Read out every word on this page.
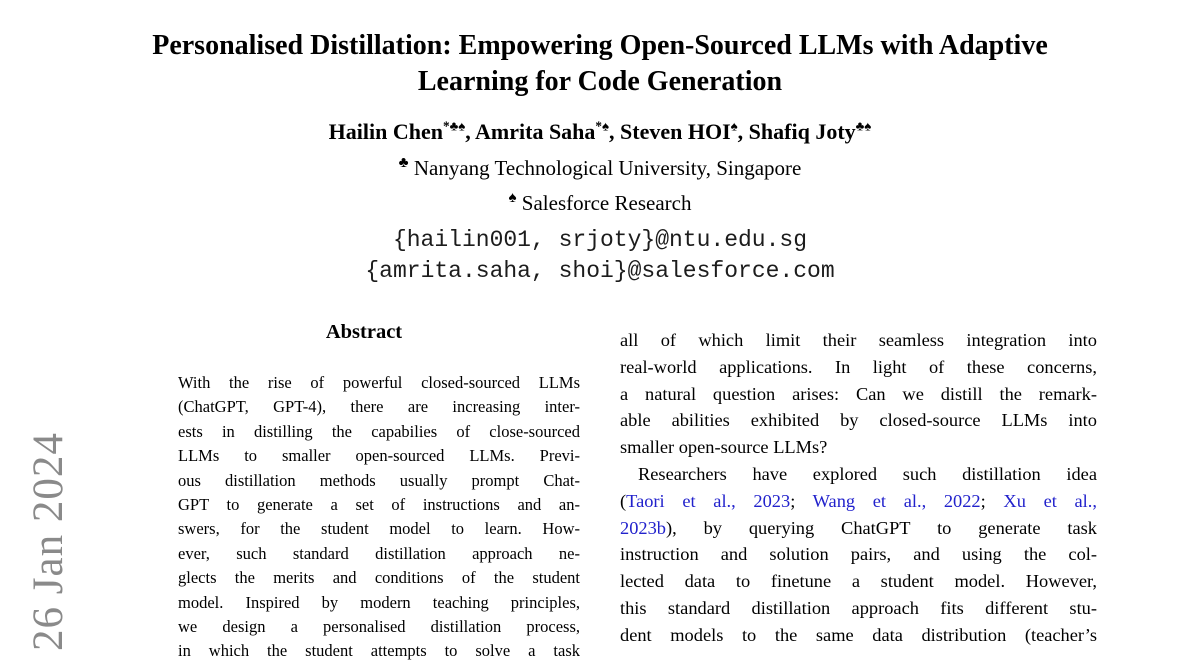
26 Jan 2024
Personalised Distillation: Empowering Open-Sourced LLMs with Adaptive
Learning for Code Generation
Hailin Chen*♣♠, Amrita Saha*♠, Steven HOI♠, Shafiq Joty♣♠
♣ Nanyang Technological University, Singapore
♠ Salesforce Research
{hailin001, srjoty}@ntu.edu.sg
{amrita.saha, shoi}@salesforce.com
Abstract
With the rise of powerful closed-sourced LLMs
(ChatGPT, GPT-4), there are increasing inter-
ests in distilling the capabilies of close-sourced
LLMs to smaller open-sourced LLMs. Previ-
ous distillation methods usually prompt Chat-
GPT to generate a set of instructions and an-
swers, for the student model to learn. How-
ever, such standard distillation approach ne-
glects the merits and conditions of the student
model. Inspired by modern teaching principles,
we design a personalised distillation process,
in which the student attempts to solve a task
all of which limit their seamless integration into
real-world applications. In light of these concerns,
a natural question arises: Can we distill the remark-
able abilities exhibited by closed-source LLMs into
smaller open-source LLMs?
Researchers have explored such distillation idea
(Taori et al., 2023; Wang et al., 2022; Xu et al.,
2023b), by querying ChatGPT to generate task
instruction and solution pairs, and using the col-
lected data to finetune a student model. However,
this standard distillation approach fits different stu-
dent models to the same data distribution (teacher’s
